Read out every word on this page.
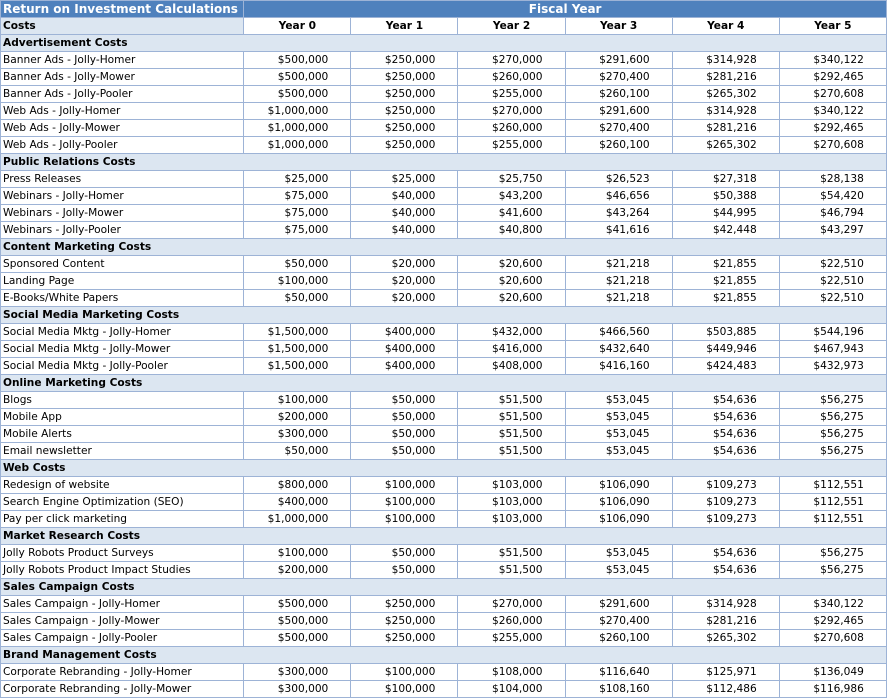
Return on Investment Calculations	Fiscal Year					
Costs	Year 0	Year 1	Year 2	Year 3	Year 4	Year 5
Advertisement Costs						
Banner Ads - Jolly-Homer	$500,000	$250,000	$270,000	$291,600	$314,928	$340,122
Banner Ads - Jolly-Mower	$500,000	$250,000	$260,000	$270,400	$281,216	$292,465
Banner Ads - Jolly-Pooler	$500,000	$250,000	$255,000	$260,100	$265,302	$270,608
Web Ads - Jolly-Homer	$1,000,000	$250,000	$270,000	$291,600	$314,928	$340,122
Web Ads - Jolly-Mower	$1,000,000	$250,000	$260,000	$270,400	$281,216	$292,465
Web Ads - Jolly-Pooler	$1,000,000	$250,000	$255,000	$260,100	$265,302	$270,608
Public Relations Costs						
Press Releases	$25,000	$25,000	$25,750	$26,523	$27,318	$28,138
Webinars - Jolly-Homer	$75,000	$40,000	$43,200	$46,656	$50,388	$54,420
Webinars - Jolly-Mower	$75,000	$40,000	$41,600	$43,264	$44,995	$46,794
Webinars - Jolly-Pooler	$75,000	$40,000	$40,800	$41,616	$42,448	$43,297
Content Marketing Costs						
Sponsored Content	$50,000	$20,000	$20,600	$21,218	$21,855	$22,510
Landing Page	$100,000	$20,000	$20,600	$21,218	$21,855	$22,510
E-Books/White Papers	$50,000	$20,000	$20,600	$21,218	$21,855	$22,510
Social Media Marketing Costs						
Social Media Mktg - Jolly-Homer	$1,500,000	$400,000	$432,000	$466,560	$503,885	$544,196
Social Media Mktg - Jolly-Mower	$1,500,000	$400,000	$416,000	$432,640	$449,946	$467,943
Social Media Mktg - Jolly-Pooler	$1,500,000	$400,000	$408,000	$416,160	$424,483	$432,973
Online Marketing Costs						
Blogs	$100,000	$50,000	$51,500	$53,045	$54,636	$56,275
Mobile App	$200,000	$50,000	$51,500	$53,045	$54,636	$56,275
Mobile Alerts	$300,000	$50,000	$51,500	$53,045	$54,636	$56,275
Email newsletter	$50,000	$50,000	$51,500	$53,045	$54,636	$56,275
Web Costs						
Redesign of website	$800,000	$100,000	$103,000	$106,090	$109,273	$112,551
Search Engine Optimization (SEO)	$400,000	$100,000	$103,000	$106,090	$109,273	$112,551
Pay per click marketing	$1,000,000	$100,000	$103,000	$106,090	$109,273	$112,551
Market Research Costs						
Jolly Robots Product Surveys	$100,000	$50,000	$51,500	$53,045	$54,636	$56,275
Jolly Robots Product Impact Studies	$200,000	$50,000	$51,500	$53,045	$54,636	$56,275
Sales Campaign Costs						
Sales Campaign - Jolly-Homer	$500,000	$250,000	$270,000	$291,600	$314,928	$340,122
Sales Campaign - Jolly-Mower	$500,000	$250,000	$260,000	$270,400	$281,216	$292,465
Sales Campaign - Jolly-Pooler	$500,000	$250,000	$255,000	$260,100	$265,302	$270,608
Brand Management Costs						
Corporate Rebranding - Jolly-Homer	$300,000	$100,000	$108,000	$116,640	$125,971	$136,049
Corporate Rebranding - Jolly-Mower	$300,000	$100,000	$104,000	$108,160	$112,486	$116,986
